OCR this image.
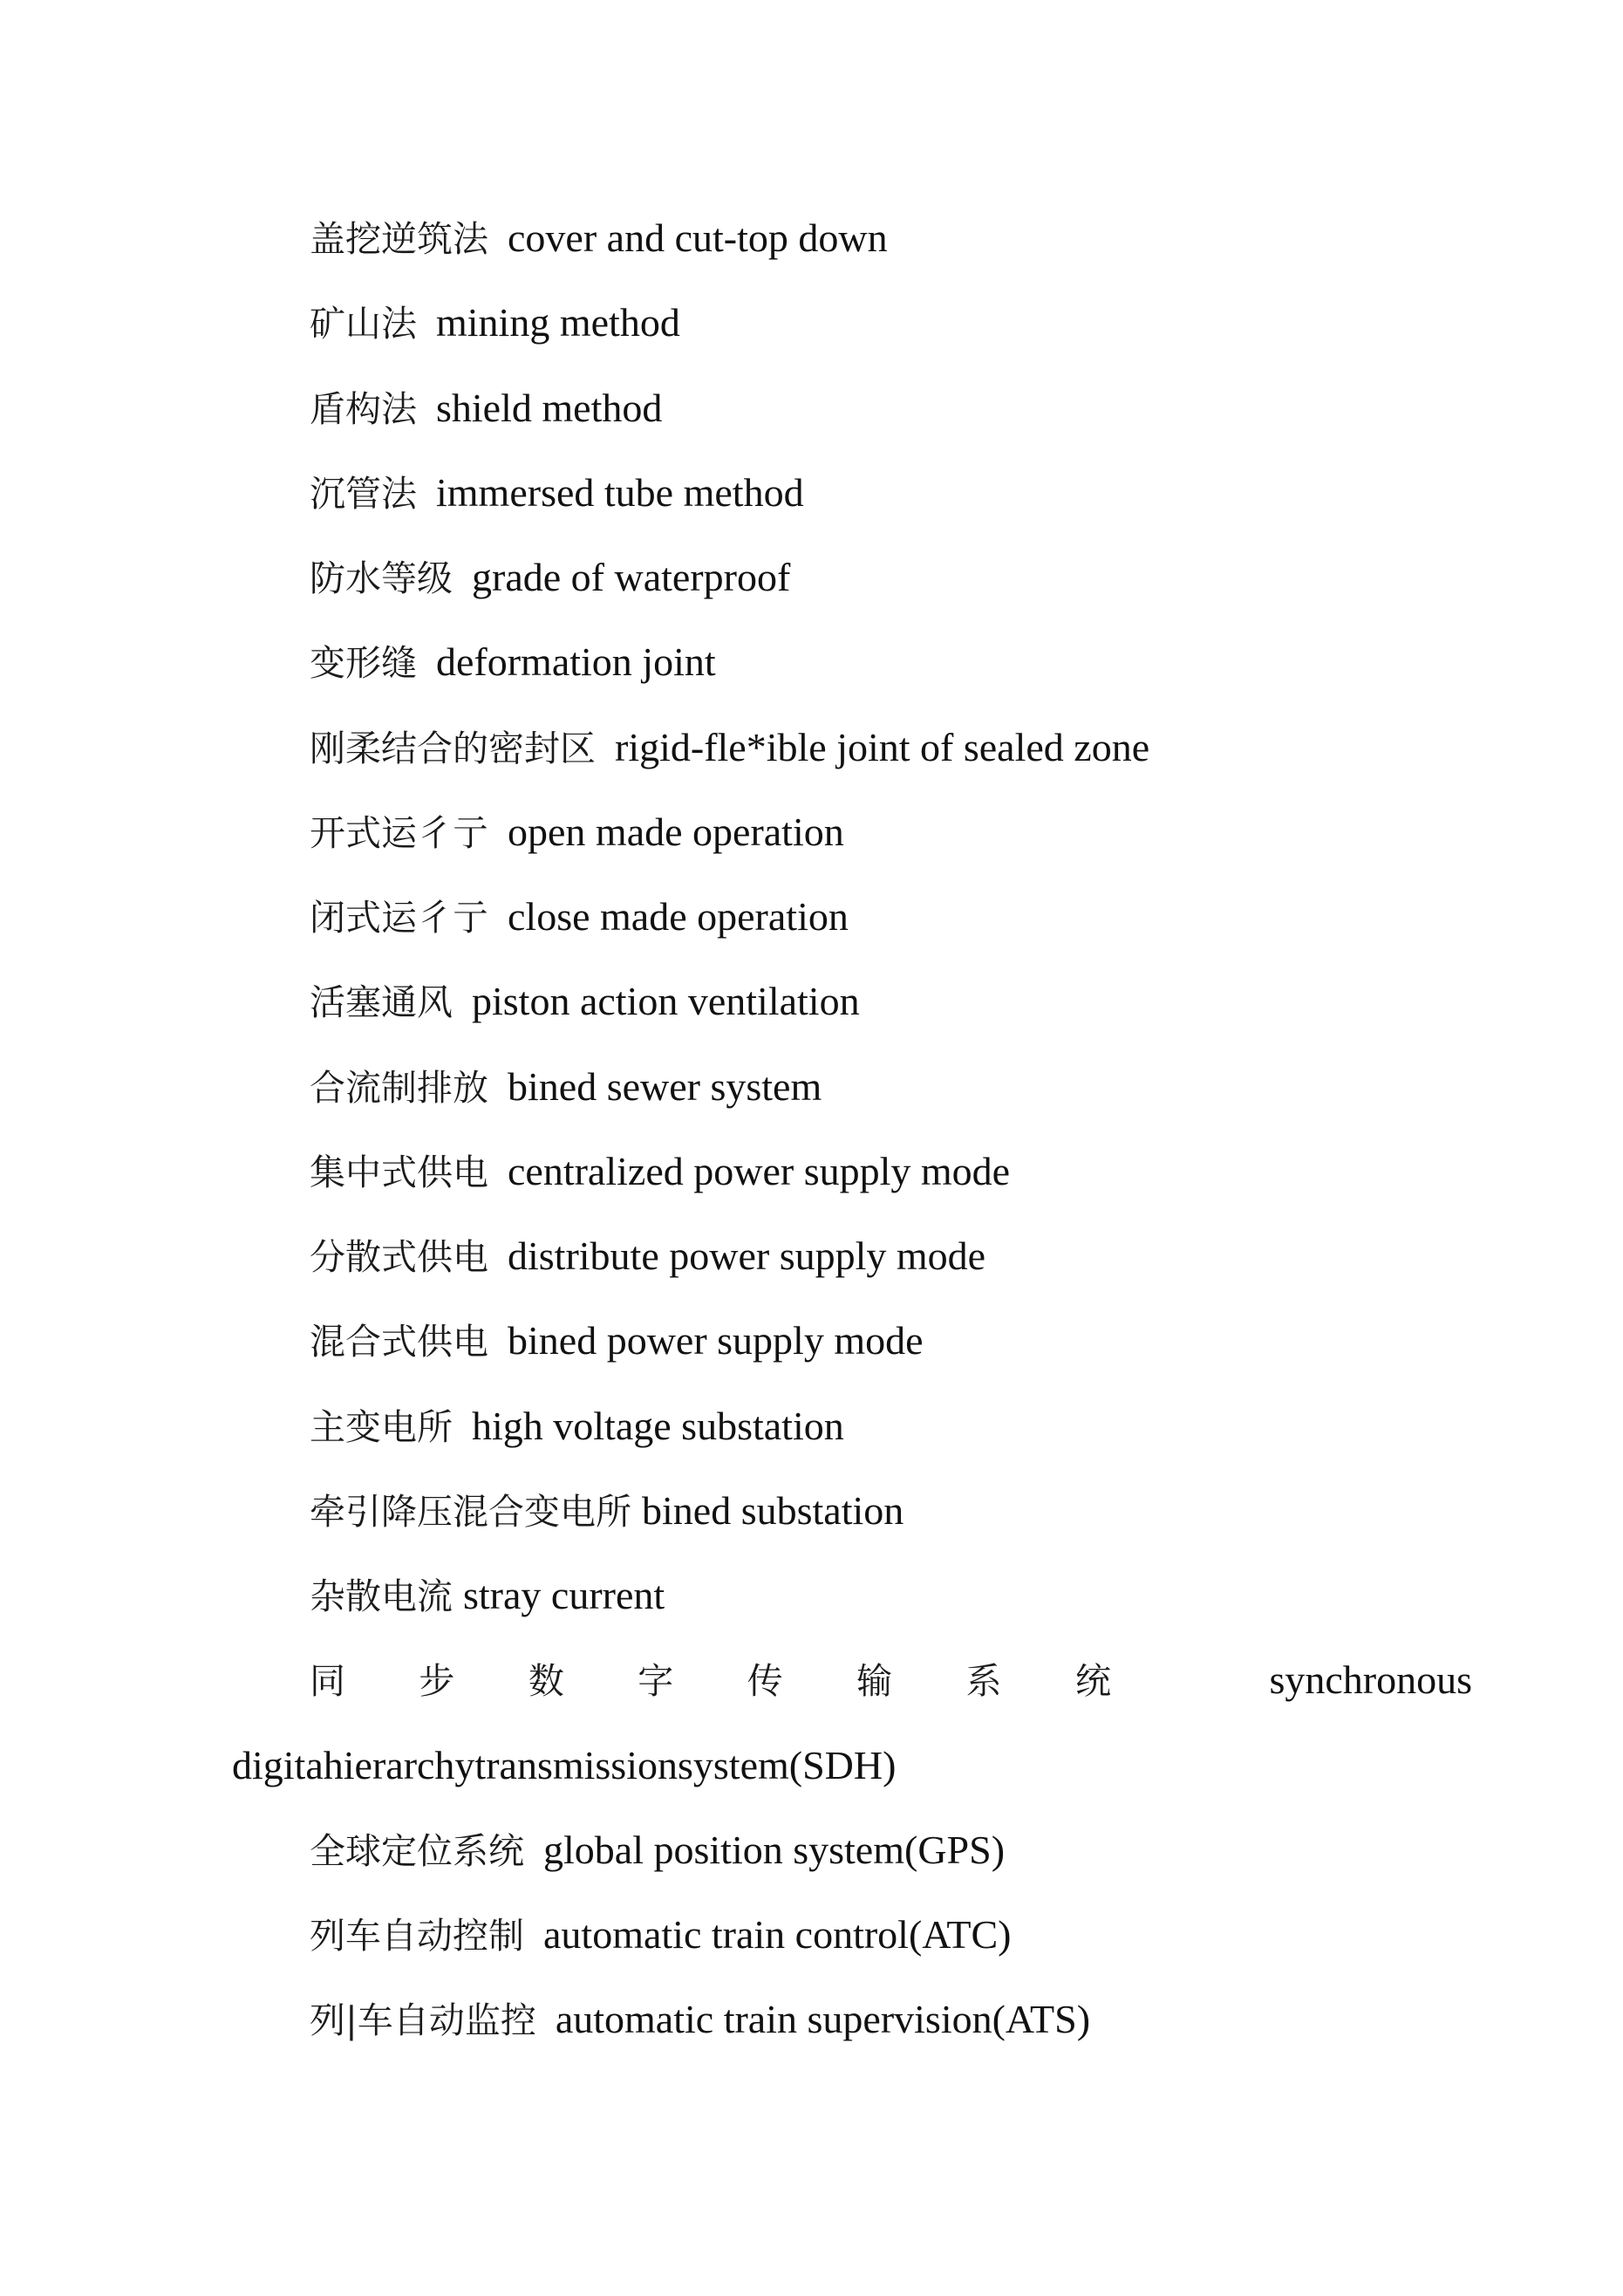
盖挖逆筑法 cover and cut-top down

矿山法 mining method

盾构法 shield method

沉管法 immersed tube method

防水等级 grade of waterproof

变形缝 deformation joint

刚柔结合的密封区 rigid-fle*ible joint of sealed zone

开式运彳亍 open made operation

闭式运彳亍 close made operation

活塞通风 piston action ventilation

合流制排放 bined sewer system

集中式供电 centralized power supply mode

分散式供电 distribute power supply mode

混合式供电 bined power supply mode

主变电所 high voltage substation

牵引降压混合变电所 bined substation

杂散电流 stray current

同 步 数 字 传 输 系 统	synchronous

digitahierarchytransmissionsystem(SDH)

全球定位系统 global position system(GPS)

列车自动控制 automatic train control(ATC)

列|车自动监控 automatic train supervision(ATS)
